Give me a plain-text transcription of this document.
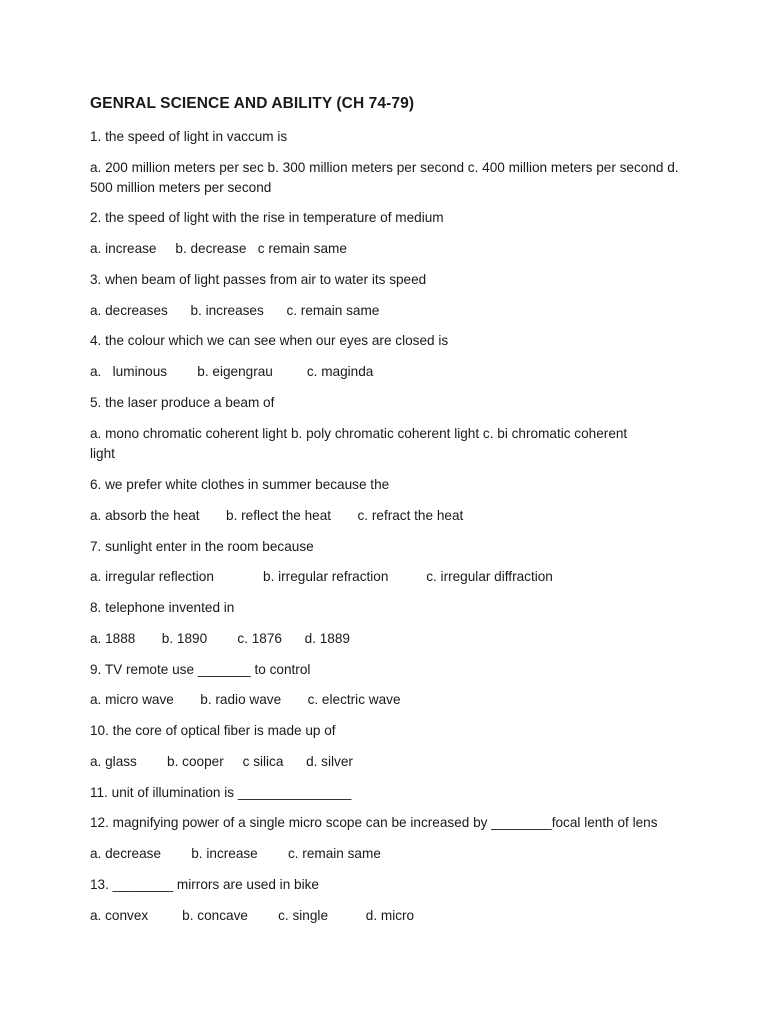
GENRAL SCIENCE AND ABILITY (CH 74-79)
1. the speed of light in vaccum is
a. 200 million meters per sec b. 300 million meters per second c. 400 million meters per second d. 500 million meters per second
2. the speed of light with the rise in temperature of medium
a. increase     b. decrease   c remain same
3. when beam of light passes from air to water its speed
a. decreases      b. increases      c. remain same
4. the colour which we can see when our eyes are closed is
a.   luminous        b. eigengrau         c. maginda
5. the laser produce a beam of
a. mono chromatic coherent light b. poly chromatic coherent light c. bi chromatic coherent light
6. we prefer white clothes in summer because the
a. absorb the heat       b. reflect the heat       c. refract the heat
7. sunlight enter in the room because
a. irregular reflection             b. irregular refraction          c. irregular diffraction
8. telephone invented in
a. 1888       b. 1890        c. 1876      d. 1889
9. TV remote use _______ to control
a. micro wave       b. radio wave       c. electric wave
10. the core of optical fiber is made up of
a. glass        b. cooper     c silica      d. silver
11. unit of illumination is _______________
12. magnifying power of a single micro scope can be increased by ________focal lenth of lens
a. decrease        b. increase        c. remain same
13. ________ mirrors are used in bike
a. convex         b. concave        c. single          d. micro
